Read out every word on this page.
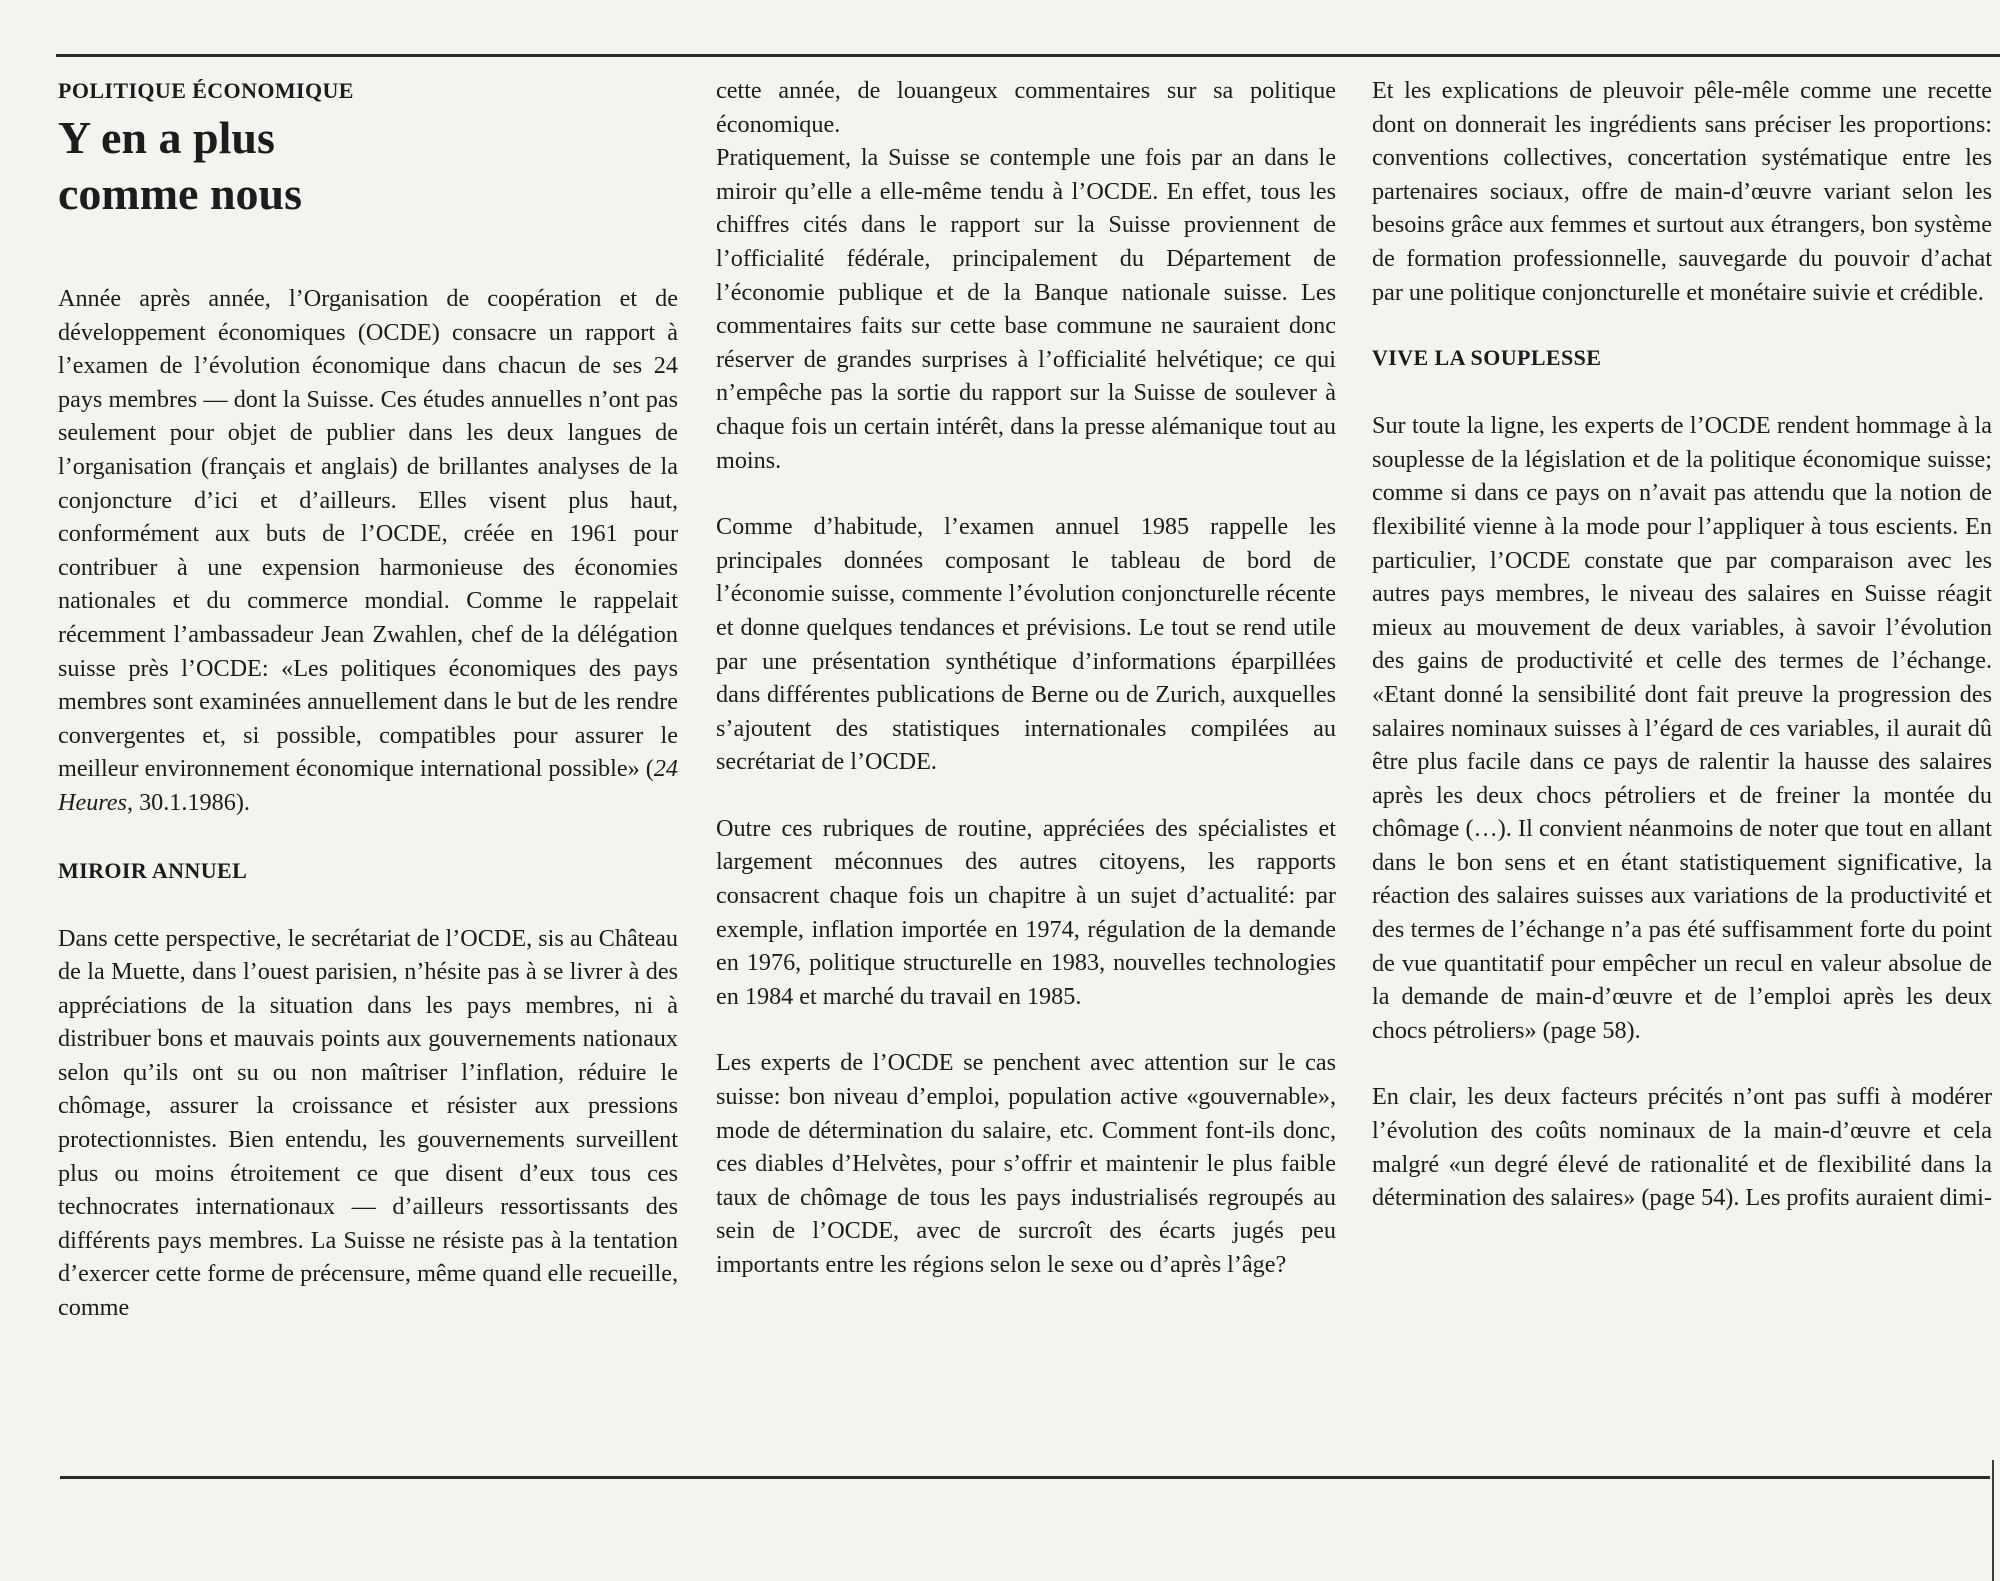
POLITIQUE ÉCONOMIQUE

Y en a plus
comme nous

Année après année, l’Organisation de coopération et de développement économiques (OCDE) consacre un rapport à l’examen de l’évolution économique dans chacun de ses 24 pays membres — dont la Suisse. Ces études annuelles n’ont pas seulement pour objet de publier dans les deux langues de l’organisation (français et anglais) de brillantes analyses de la conjoncture d’ici et d’ailleurs. Elles visent plus haut, conformément aux buts de l’OCDE, créée en 1961 pour contribuer à une expension harmonieuse des économies nationales et du commerce mondial. Comme le rappelait récemment l’ambassadeur Jean Zwahlen, chef de la délégation suisse près l’OCDE: «Les politiques économiques des pays membres sont examinées annuellement dans le but de les rendre convergentes et, si possible, compatibles pour assurer le meilleur environnement économique international possible» (24 Heures, 30.1.1986).

MIROIR ANNUEL

Dans cette perspective, le secrétariat de l’OCDE, sis au Château de la Muette, dans l’ouest parisien, n’hésite pas à se livrer à des appréciations de la situation dans les pays membres, ni à distribuer bons et mauvais points aux gouvernements nationaux selon qu’ils ont su ou non maîtriser l’inflation, réduire le chômage, assurer la croissance et résister aux pressions protectionnistes. Bien entendu, les gouvernements surveillent plus ou moins étroitement ce que disent d’eux tous ces technocrates internationaux — d’ailleurs ressortissants des différents pays membres. La Suisse ne résiste pas à la tentation d’exercer cette forme de précensure, même quand elle recueille, comme

cette année, de louangeux commentaires sur sa politique économique.

Pratiquement, la Suisse se contemple une fois par an dans le miroir qu’elle a elle-même tendu à l’OCDE. En effet, tous les chiffres cités dans le rapport sur la Suisse proviennent de l’officialité fédérale, principalement du Département de l’économie publique et de la Banque nationale suisse. Les commentaires faits sur cette base commune ne sauraient donc réserver de grandes surprises à l’officialité helvétique; ce qui n’empêche pas la sortie du rapport sur la Suisse de soulever à chaque fois un certain intérêt, dans la presse alémanique tout au moins.

Comme d’habitude, l’examen annuel 1985 rappelle les principales données composant le tableau de bord de l’économie suisse, commente l’évolution conjoncturelle récente et donne quelques tendances et prévisions. Le tout se rend utile par une présentation synthétique d’informations éparpillées dans différentes publications de Berne ou de Zurich, auxquelles s’ajoutent des statistiques internationales compilées au secrétariat de l’OCDE.

Outre ces rubriques de routine, appréciées des spécialistes et largement méconnues des autres citoyens, les rapports consacrent chaque fois un chapitre à un sujet d’actualité: par exemple, inflation importée en 1974, régulation de la demande en 1976, politique structurelle en 1983, nouvelles technologies en 1984 et marché du travail en 1985.

Les experts de l’OCDE se penchent avec attention sur le cas suisse: bon niveau d’emploi, population active «gouvernable», mode de détermination du salaire, etc. Comment font-ils donc, ces diables d’Helvètes, pour s’offrir et maintenir le plus faible taux de chômage de tous les pays industrialisés regroupés au sein de l’OCDE, avec de surcroît des écarts jugés peu importants entre les régions selon le sexe ou d’après l’âge?

Et les explications de pleuvoir pêle-mêle comme une recette dont on donnerait les ingrédients sans préciser les proportions: conventions collectives, concertation systématique entre les partenaires sociaux, offre de main-d’œuvre variant selon les besoins grâce aux femmes et surtout aux étrangers, bon système de formation professionnelle, sauvegarde du pouvoir d’achat par une politique conjoncturelle et monétaire suivie et crédible.

VIVE LA SOUPLESSE

Sur toute la ligne, les experts de l’OCDE rendent hommage à la souplesse de la législation et de la politique économique suisse; comme si dans ce pays on n’avait pas attendu que la notion de flexibilité vienne à la mode pour l’appliquer à tous escients. En particulier, l’OCDE constate que par comparaison avec les autres pays membres, le niveau des salaires en Suisse réagit mieux au mouvement de deux variables, à savoir l’évolution des gains de productivité et celle des termes de l’échange. «Etant donné la sensibilité dont fait preuve la progression des salaires nominaux suisses à l’égard de ces variables, il aurait dû être plus facile dans ce pays de ralentir la hausse des salaires après les deux chocs pétroliers et de freiner la montée du chômage (…). Il convient néanmoins de noter que tout en allant dans le bon sens et en étant statistiquement significative, la réaction des salaires suisses aux variations de la productivité et des termes de l’échange n’a pas été suffisamment forte du point de vue quantitatif pour empêcher un recul en valeur absolue de la demande de main-d’œuvre et de l’emploi après les deux chocs pétroliers» (page 58).

En clair, les deux facteurs précités n’ont pas suffi à modérer l’évolution des coûts nominaux de la main-d’œuvre et cela malgré «un degré élevé de rationalité et de flexibilité dans la détermination des salaires» (page 54). Les profits auraient dimi-
